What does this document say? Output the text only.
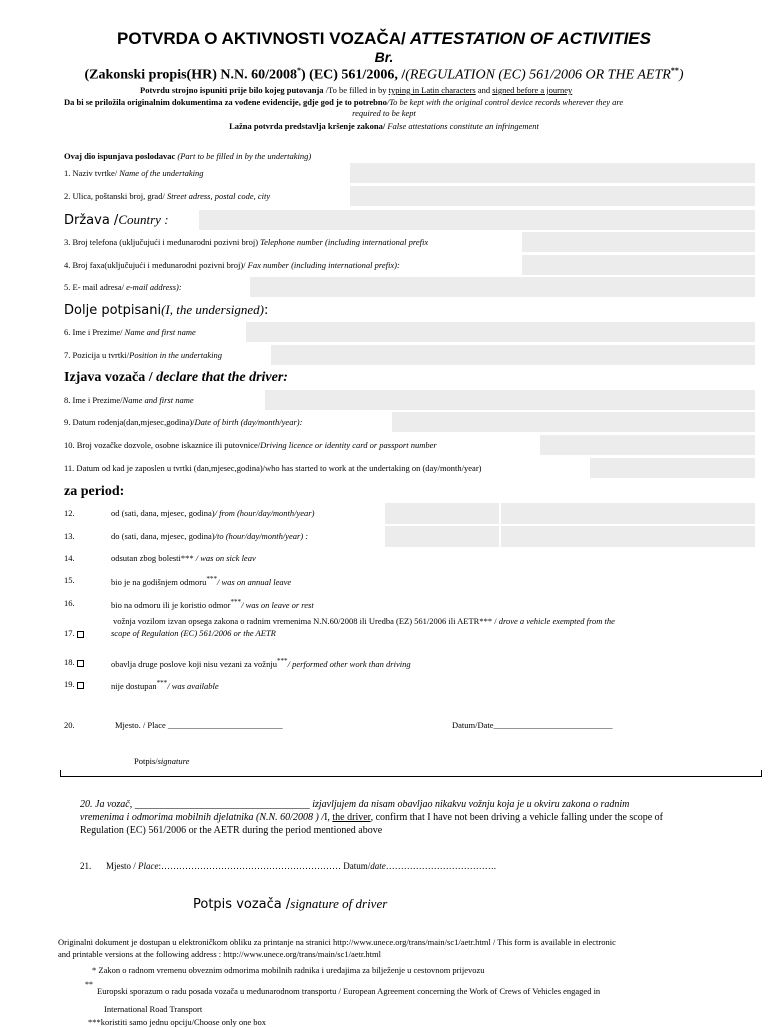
POTVRDA O AKTIVNOSTI VOZAČA/ ATTESTATION OF ACTIVITIES
Br.
(Zakonski propis(HR) N.N. 60/2008*) (EC) 561/2006, /(REGULATION (EC) 561/2006 OR THE AETR**)
Potvrdu strojno ispuniti prije bilo kojeg putovanja /To be filled in by typing in Latin characters and signed before a journey
Da bi se priložila originalnim dokumentima za vođene evidencije, gdje god je to potrebno/To be kept with the original control device records wherever they are
required to be kept
Lažna potvrda predstavlja kršenje zakona/ False attestations constitute an infringement
Ovaj dio ispunjava poslodavac (Part to be filled in by the undertaking)
1. Naziv tvrtke/ Name of the undertaking
2. Ulica, poštanski broj, grad/ Street adress, postal code, city
Država /Country :
3. Broj telefona (uključujući i međunarodni pozivni broj) Telephone number (including international prefix
4. Broj faxa(uključujući i međunarodni pozivni broj)/ Fax number (including international prefix):
5. E- mail adresa/ e-mail address):
Dolje potpisani(I, the undersigned):
6. Ime i Prezime/ Name and first name
7. Pozicija u tvrtki/Position in the undertaking
Izjava vozača / declare that the driver:
8. Ime i Prezime/Name and first name
9. Datum rođenja(dan,mjesec,godina)/Date of birth (day/month/year):
10. Broj vozačke dozvole, osobne iskaznice ili putovnice/Driving licence or identity card or passport number
11. Datum od kad je zaposlen u tvrtki (dan,mjesec,godina)/who has started to work at the undertaking on (day/month/year)
za period:
12.	od (sati, dana, mjesec, godina)/ from (hour/day/month/year)
13.	do (sati, dana, mjesec, godina)/to (hour/day/month/year) :
14.	odsutan zbog bolesti*** / was on sick leav
15.	bio je na godišnjem odmoru***/ was on annual leave
16.	bio na odmoru ili je koristio odmor***/ was on leave or rest
17.
vožnja vozilom izvan opsega zakona o radnim vremenima N.N.60/2008 ili Uredba (EZ) 561/2006 ili AETR*** / drove a vehicle exempted from the
scope of Regulation (EC) 561/2006 or the AETR
18.	obavlja druge poslove koji nisu vezani za vožnju***/ performed other work than driving
19.	nije dostupan***/ was available
20.	Mjesto. / Place ___________________________	Datum/Date____________________________
Potpis/signature
20. Ja vozač, ___________________________________ izjavljujem da nisam obavljao nikakvu vožnju koja je u okviru zakona o radnim
vremenima i odmorima mobilnih djelatnika (N.N. 60/2008 ) /I, the driver, confirm that I have not been driving a vehicle falling under the scope of
Regulation (EC) 561/2006 or the AETR during the period mentioned above
21. Mjesto / Place:…………………………………………………… Datum/date……………………………….
Potpis vozača /signature of driver
Originalni dokument je dostupan u elektroničkom obliku za printanje na stranici http://www.unece.org/trans/main/sc1/aetr.html / This form is available in electronic
and printable versions at the following address : http://www.unece.org/trans/main/sc1/aetr.html
* Zakon o radnom vremenu obveznim odmorima mobilnih radnika i uređajima za bilježenje u cestovnom prijevozu
**
Europski sporazum o radu posada vozača u međunarodnom transportu / European Agreement concerning the Work of Crews of Vehicles engaged in
International Road Transport
***koristiti samo jednu opciju/Choose only one box
